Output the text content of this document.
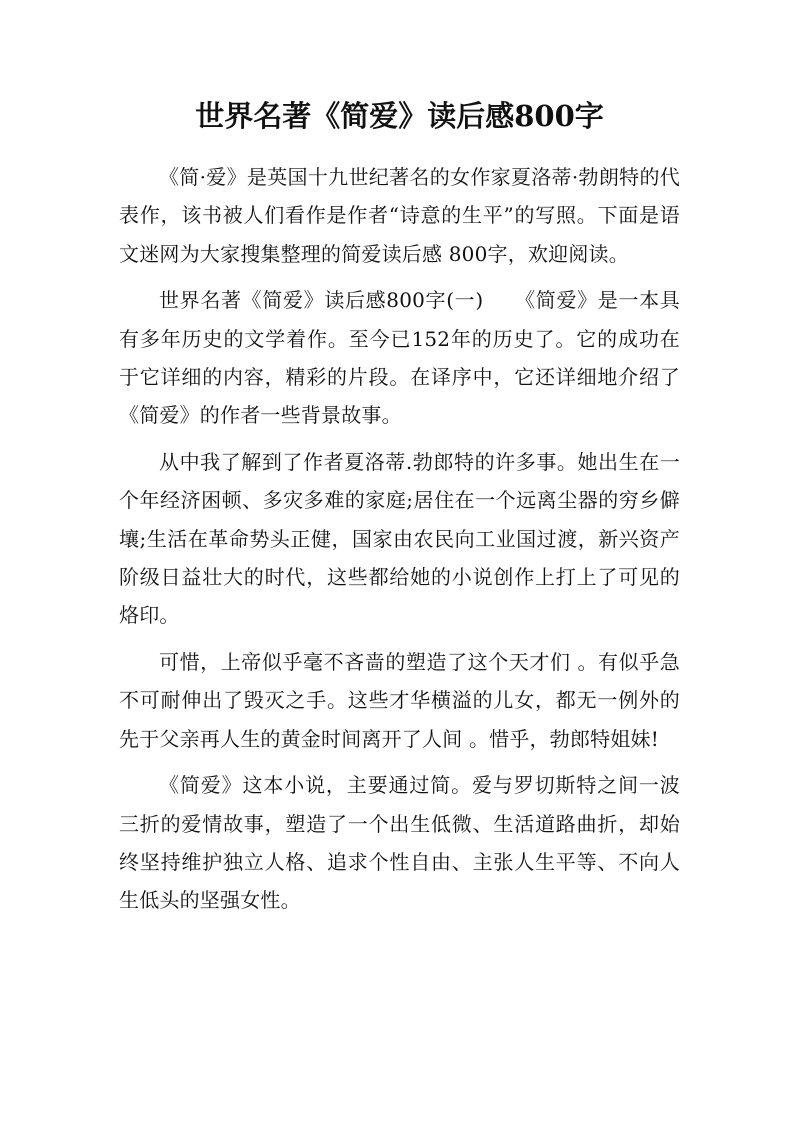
世界名著《简爱》读后感800字

《简·爱》是英国十九世纪著名的女作家夏洛蒂·勃朗特的代表作，该书被人们看作是作者“诗意的生平”的写照。下面是语文迷网为大家搜集整理的简爱读后感 800字，欢迎阅读。

世界名著《简爱》读后感800字(一)　　《简爱》是一本具有多年历史的文学着作。至今已152年的历史了。它的成功在于它详细的内容，精彩的片段。在译序中，它还详细地介绍了《简爱》的作者一些背景故事。

从中我了解到了作者夏洛蒂.勃郎特的许多事。她出生在一个年经济困顿、多灾多难的家庭;居住在一个远离尘器的穷乡僻壤;生活在革命势头正健，国家由农民向工业国过渡，新兴资产阶级日益壮大的时代，这些都给她的小说创作上打上了可见的烙印。

可惜，上帝似乎毫不吝啬的塑造了这个天才们 。有似乎急不可耐伸出了毁灭之手。这些才华横溢的儿女，都无一例外的先于父亲再人生的黄金时间离开了人间 。惜乎，勃郎特姐妹!

《简爱》这本小说，主要通过简。爱与罗切斯特之间一波三折的爱情故事，塑造了一个出生低微、生活道路曲折，却始终坚持维护独立人格、追求个性自由、主张人生平等、不向人生低头的坚强女性。
